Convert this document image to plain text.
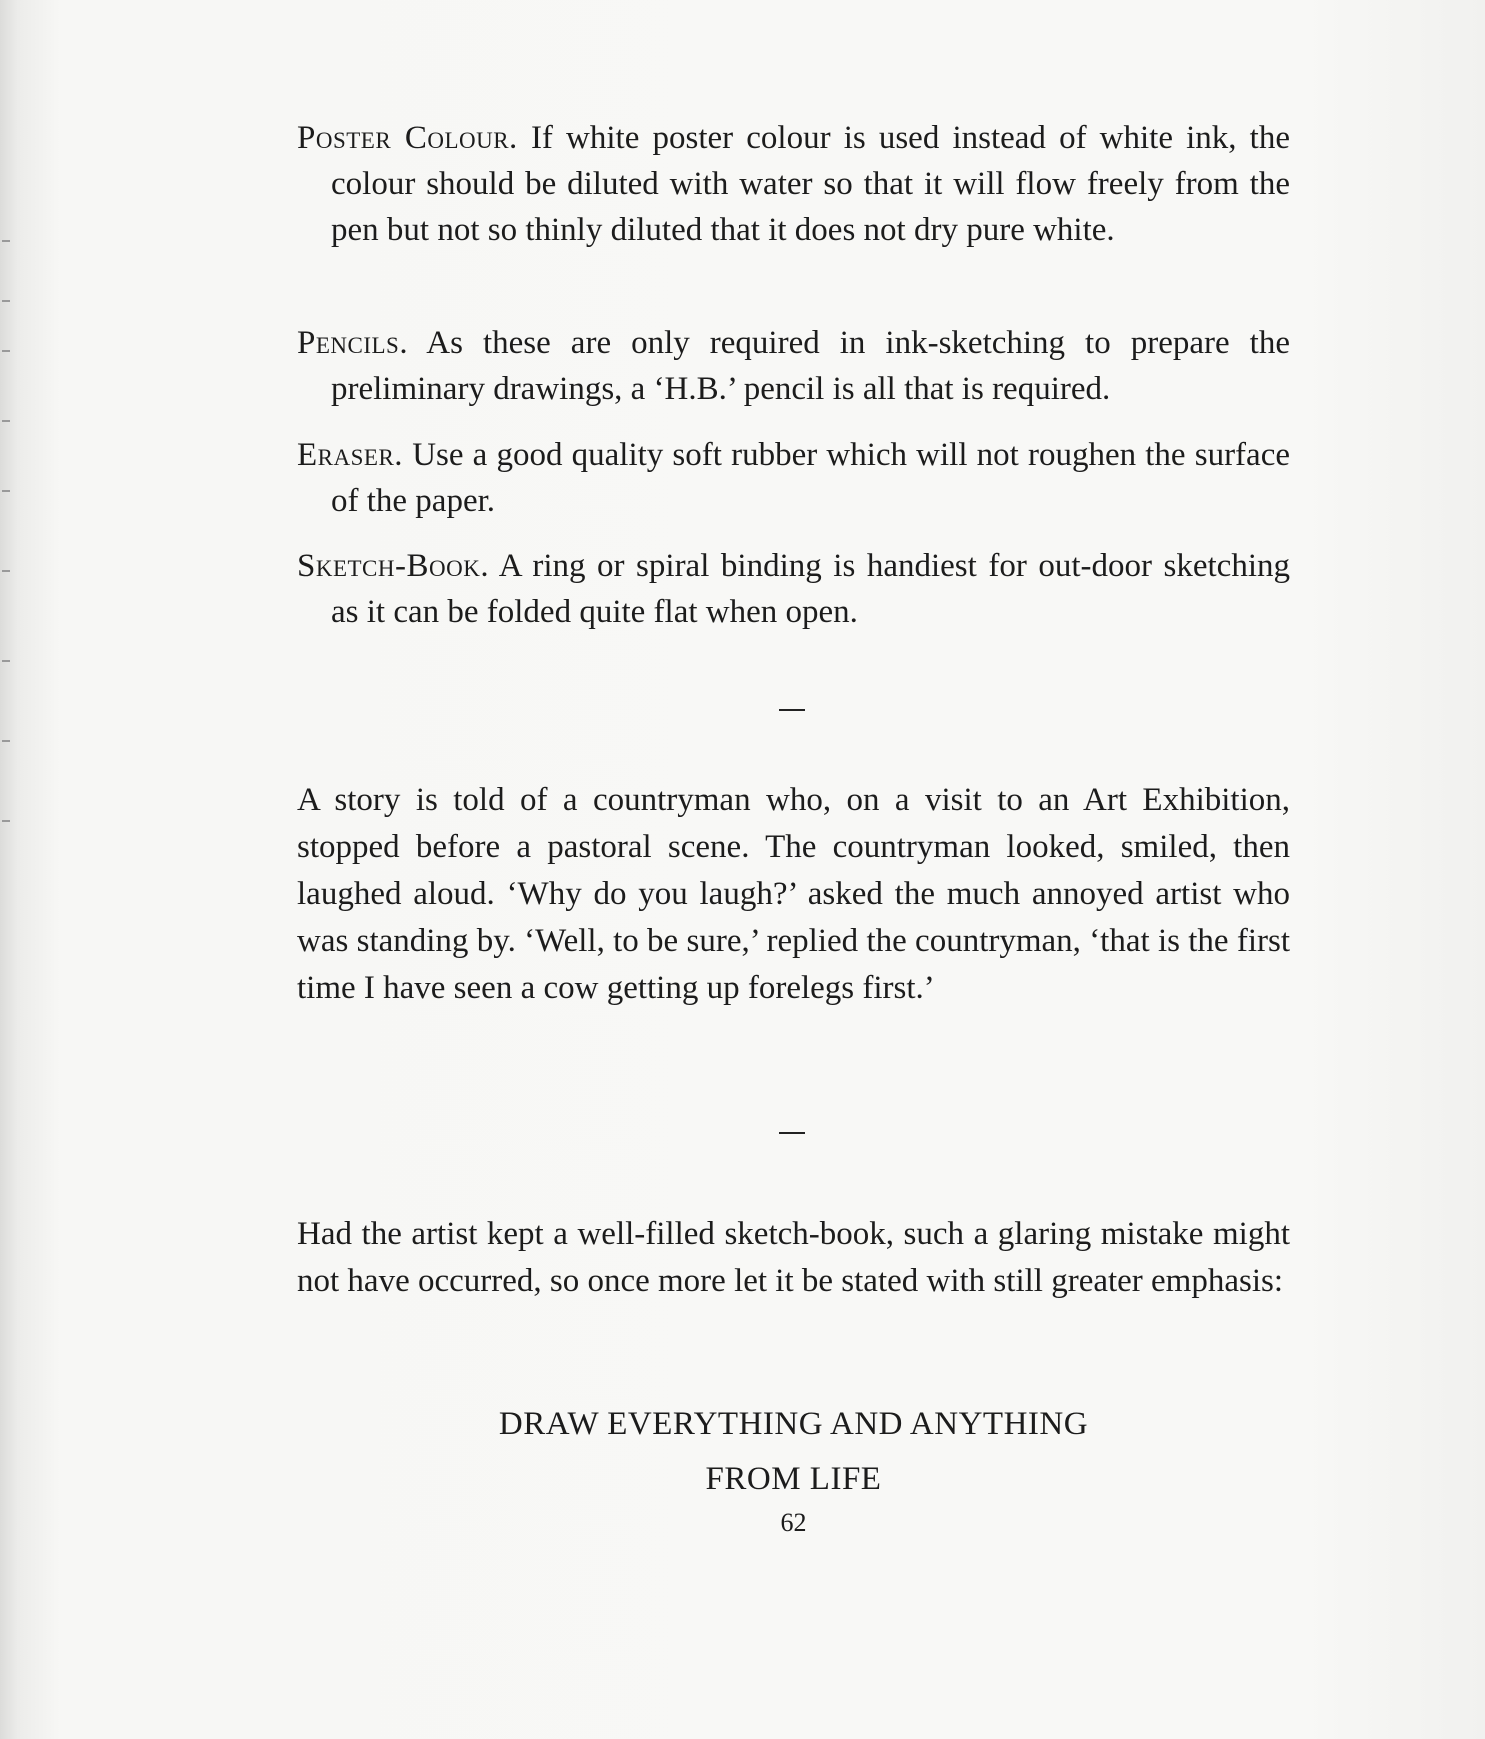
Poster Colour. If white poster colour is used instead of white ink, the colour should be diluted with water so that it will flow freely from the pen but not so thinly diluted that it does not dry pure white.

Pencils. As these are only required in ink-sketching to prepare the preliminary drawings, a ‘H.B.’ pencil is all that is required.

Eraser. Use a good quality soft rubber which will not roughen the surface of the paper.

Sketch-Book. A ring or spiral binding is handiest for out-door sketching as it can be folded quite flat when open.

A story is told of a countryman who, on a visit to an Art Exhibition, stopped before a pastoral scene. The countryman looked, smiled, then laughed aloud. ‘Why do you laugh?’ asked the much annoyed artist who was standing by. ‘Well, to be sure,’ replied the countryman, ‘that is the first time I have seen a cow getting up forelegs first.’

Had the artist kept a well-filled sketch-book, such a glaring mistake might not have occurred, so once more let it be stated with still greater emphasis:

DRAW EVERYTHING AND ANYTHING
FROM LIFE
62
